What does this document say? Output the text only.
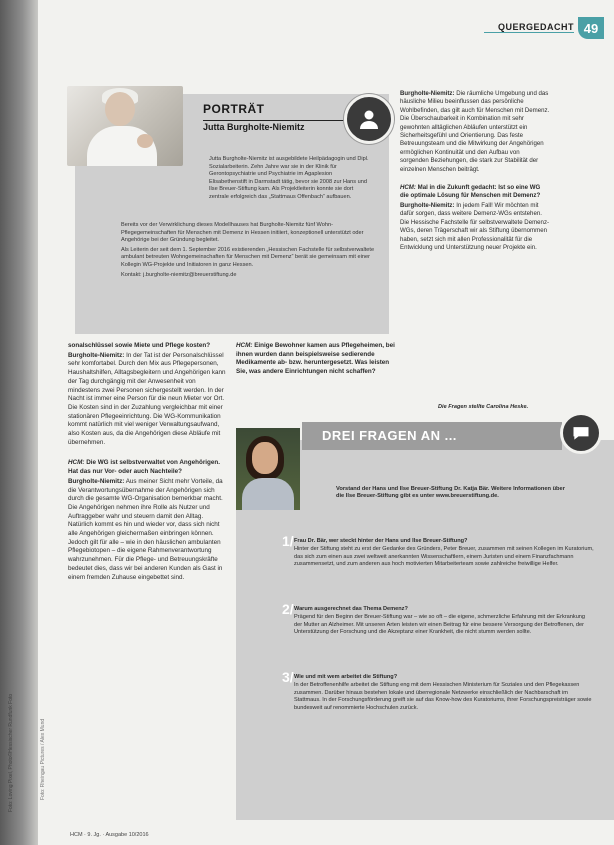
Foto: Loving Pixel, Photo©Hessischer Rundfunk Foto	Foto: Rheingau Pictures / Alex Mund
QUERGEDACHT 49
PORTRÄT
Jutta Burgholte-Niemitz

Jutta Burgholte-Niemitz ist ausgebildete Heilpädagogin und Dipl. Sozialarbeiterin. Zehn Jahre war sie in der Klinik für Gerontopsychiatrie und Psychiatrie im Agaplesion Elisabethenstift in Darmstadt tätig, bevor sie 2008 zur Hans und Ilse Breuer-Stiftung kam. Als Projektleiterin konnte sie dort zentrale erfolgreich das „Stattmaus Offenbach“ aufbauen.

Bereits vor der Verwirklichung dieses Modellhauses hat Burgholte-Niemitz fünf Wohn-Pflegegemeinschaften für Menschen mit Demenz in Hessen initiiert, konzeptionell unterstützt oder Angehörige bei der Gründung begleitet.

Als Leiterin der seit dem 1. September 2016 existierenden „Hessischen Fachstelle für selbstverwaltete ambulant betreuten Wohngemeinschaften für Menschen mit Demenz“ berät sie gemeinsam mit einer Kollegin WG-Projekte und Initiatoren in ganz Hessen.

Kontakt: j.burgholte-niemitz@breuerstiftung.de

sonalschlüssel sowie Miete und Pflege kosten?

Burgholte-Niemitz: In der Tat ist der Personalschlüssel sehr komfortabel. Durch den Mix aus Pflegepersonen, Haushaltshilfen, Alltagsbegleitern und Angehörigen kann der Tag durchgängig mit der Anwesenheit von mindestens zwei Personen sichergestellt werden. In der Nacht ist immer eine Person für die neun Mieter vor Ort. Die Kosten sind in der Zuzahlung vergleichbar mit einer stationären Pflegeeinrichtung. Die WG-Kommunikation kommt natürlich mit viel weniger Verwaltungsaufwand, also Kosten aus, da die Angehörigen diese Abläufe mit übernehmen.

HCM: Die WG ist selbstverwaltet von Angehörigen. Hat das nur Vor- oder auch Nachteile?

Burgholte-Niemitz: Aus meiner Sicht mehr Vorteile, da die Verantwortungsübernahme der Angehörigen sich durch die gesamte WG-Organisation bemerkbar macht. Die Angehörigen nehmen ihre Rolle als Nutzer und Auftraggeber wahr und steuern damit den Alltag. Natürlich kommt es hin und wieder vor, dass sich nicht alle Angehörigen gleichermaßen einbringen können. Jedoch gilt für alle – wie in den häuslichen ambulanten Pflegebiotopen – die eigene Rahmenverantwortung wahrzunehmen. Für die Pflege- und Betreuungskräfte bedeutet dies, dass wir bei anderen Kunden als Gast in einem fremden Zuhause eingebettet sind.

HCM: Einige Bewohner kamen aus Pflegeheimen, bei ihnen wurden dann beispielsweise sedierende Medikamente ab- bzw. heruntergesetzt. Was leisten Sie, was andere Einrichtungen nicht schaffen?

Burgholte-Niemitz: Die räumliche Umgebung und das häusliche Milieu beeinflussen das persönliche Wohlbefinden, das gilt auch für Menschen mit Demenz. Die Überschaubarkeit in Kombination mit sehr gewohnten alltäglichen Abläufen unterstützt ein Sicherheitsgefühl und Orientierung. Das feste Betreuungsteam und die Mitwirkung der Angehörigen ermöglichen Kontinuität und den Aufbau von sorgenden Beziehungen, die stark zur Stabilität der einzelnen Menschen beiträgt.

HCM: Mal in die Zukunft gedacht: Ist so eine WG die optimale Lösung für Menschen mit Demenz?

Burgholte-Niemitz: In jedem Fall! Wir möchten mit dafür sorgen, dass weitere Demenz-WGs entstehen. Die Hessische Fachstelle für selbstverwaltete Demenz-WGs, deren Trägerschaft wir als Stiftung übernommen haben, setzt sich mit allen Professionalität für die Entwicklung und Unterstützung neuer Projekte ein.

Die Fragen stellte Carolina Heske.
DREI FRAGEN AN ...
Vorstand der Hans und Ilse Breuer-Stiftung Dr. Katja Bär. Weitere Informationen über die Ilse Breuer-Stiftung gibt es unter www.breuerstiftung.de.
1/ Frau Dr. Bär, wer steckt hinter der Hans und Ilse Breuer-Stiftung?
Hinter der Stiftung steht zu erst der Gedanke des Gründers, Peter Breuer, zusammen mit seinen Kollegen im Kuratorium, das sich zum einen aus zwei weltweit anerkannten Wissenschaftlern, einem Juristen und einem Finanzfachmann zusammensetzt, und zum anderen aus hoch motivierten Mitarbeiterteam sowie zahlreiche freiwillige Helfer.
2/ Warum ausgerechnet das Thema Demenz?
Prägend für den Beginn der Breuer-Stiftung war – wie so oft – die eigene, schmerzliche Erfahrung mit der Erkrankung der Mutter an Alzheimer. Mit unseren Arten leisten wir einen Beitrag für eine bessere Versorgung der Betroffenen, der Unterstützung der Forschung und die Akzeptanz einer Krankheit, die nicht stumm werden sollte.
3/ Wie und mit wem arbeitet die Stiftung?
In der Betroffenenhilfe arbeitet die Stiftung eng mit dem Hessischen Ministerium für Soziales und den Pflegekassen zusammen. Darüber hinaus bestehen lokale und überregionale Netzwerke einschließlich der Nachbarschaft im Stattmaus. In der Forschungsförderung greift sie auf das Know-how des Kuratoriums, ihrer Forschungspreisträger sowie bundesweit auf renommierte Hochschulen zurück.
HCM · 9. Jg. · Ausgabe 10/2016
